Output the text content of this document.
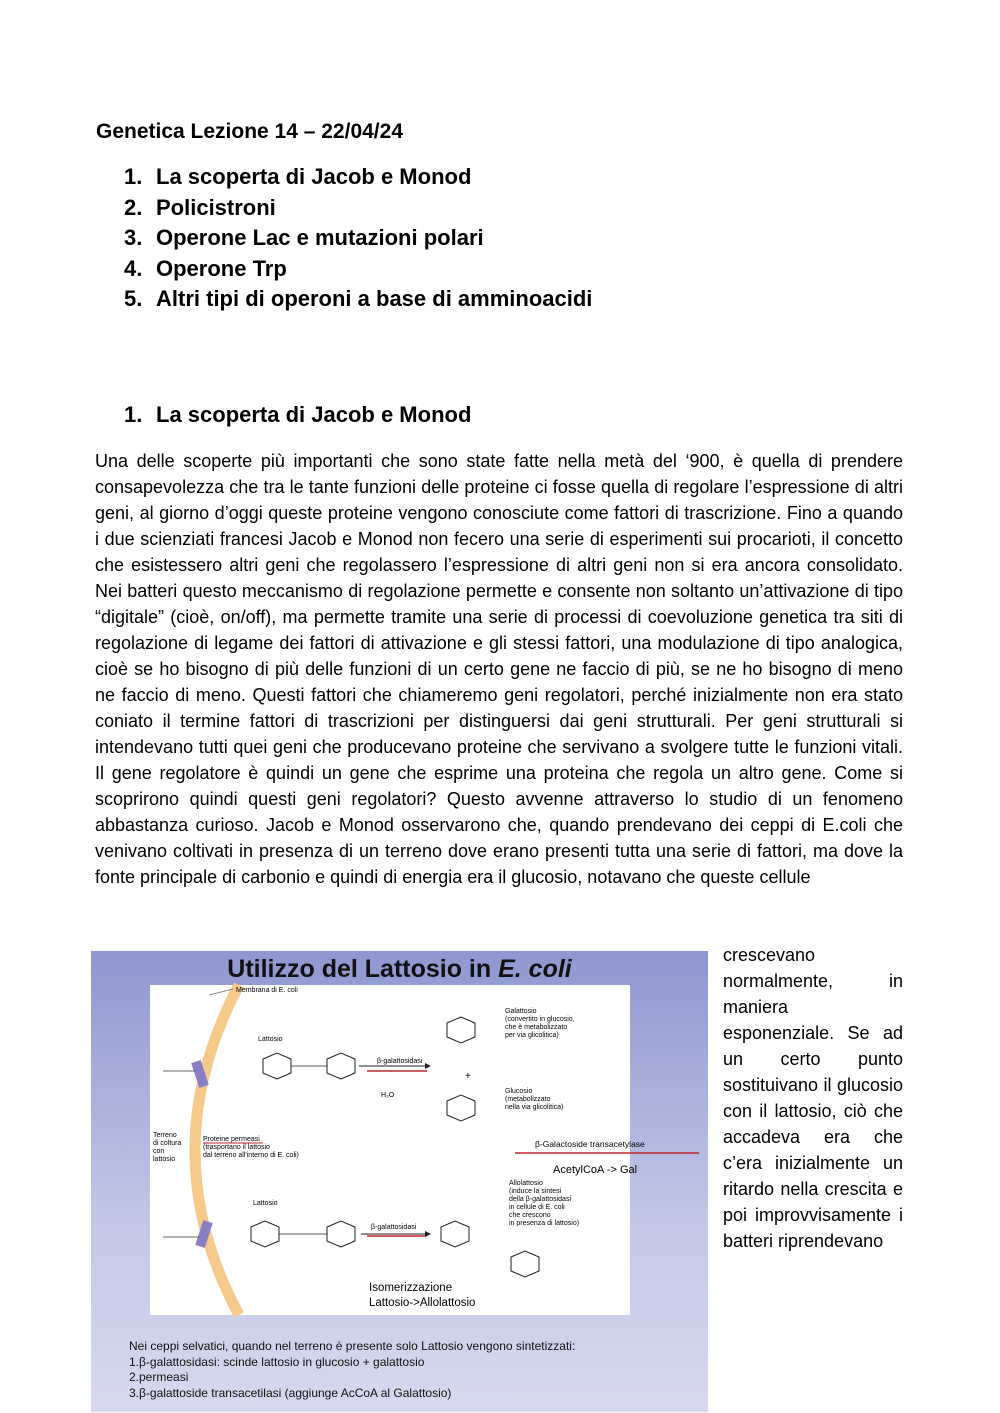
Genetica Lezione 14 – 22/04/24
1. La scoperta di Jacob e Monod
2. Policistroni
3. Operone Lac e mutazioni polari
4. Operone Trp
5. Altri tipi di operoni a base di amminoacidi
1. La scoperta di Jacob e Monod

Una delle scoperte più importanti che sono state fatte nella metà del ‘900, è quella di prendere consapevolezza che tra le tante funzioni delle proteine ci fosse quella di regolare l’espressione di altri geni, al giorno d’oggi queste proteine vengono conosciute come fattori di trascrizione. Fino a quando i due scienziati francesi Jacob e Monod non fecero una serie di esperimenti sui procarioti, il concetto che esistessero altri geni che regolassero l’espressione di altri geni non si era ancora consolidato. Nei batteri questo meccanismo di regolazione permette e consente non soltanto un’attivazione di tipo “digitale” (cioè, on/off), ma permette tramite una serie di processi di coevoluzione genetica tra siti di regolazione di legame dei fattori di attivazione e gli stessi fattori, una modulazione di tipo analogica, cioè se ho bisogno di più delle funzioni di un certo gene ne faccio di più, se ne ho bisogno di meno ne faccio di meno. Questi fattori che chiameremo geni regolatori, perché inizialmente non era stato coniato il termine fattori di trascrizioni per distinguersi dai geni strutturali. Per geni strutturali si intendevano tutti quei geni che producevano proteine che servivano a svolgere tutte le funzioni vitali. Il gene regolatore è quindi un gene che esprime una proteina che regola un altro gene. Come si scoprirono quindi questi geni regolatori? Questo avvenne attraverso lo studio di un fenomeno abbastanza curioso. Jacob e Monod osservarono che, quando prendevano dei ceppi di E.coli che venivano coltivati in presenza di un terreno dove erano presenti tutta una serie di fattori, ma dove la fonte principale di carbonio e quindi di energia era il glucosio, notavano che queste cellule

crescevano normalmente, in maniera esponenziale. Se ad un certo punto sostituivano il glucosio con il lattosio, ciò che accadeva era che c’era inizialmente un ritardo nella crescita e poi improvvisamente i batteri riprendevano

Utilizzo del Lattosio in E. coli
Membrana di E. coli
Terreno di coltura con lattosio
Proteine permeasi (trasportano il lattosio dal terreno all'interno di E. coli)
Lattosio
β-galattosidasi
H₂O
Galattosio (convertito in glucosio, che è metabolizzato per via glicolitica)
+
Glucosio (metabolizzato nella via glicolitica)
β-Galactoside transacetylase
AcetylCoA -> Gal
Lattosio
β-galattosidasi
Allolattosio (induce la sintesi della β-galattosidasi in cellule di E. coli che crescono in presenza di lattosio)
Isomerizzazione Lattosio->Allolattosio
Nei ceppi selvatici, quando nel terreno è presente solo Lattosio vengono sintetizzati:
1.β-galattosidasi: scinde lattosio in glucosio + galattosio
2.permeasi
3.β-galattoside transacetilasi (aggiunge AcCoA al Galattosio)
